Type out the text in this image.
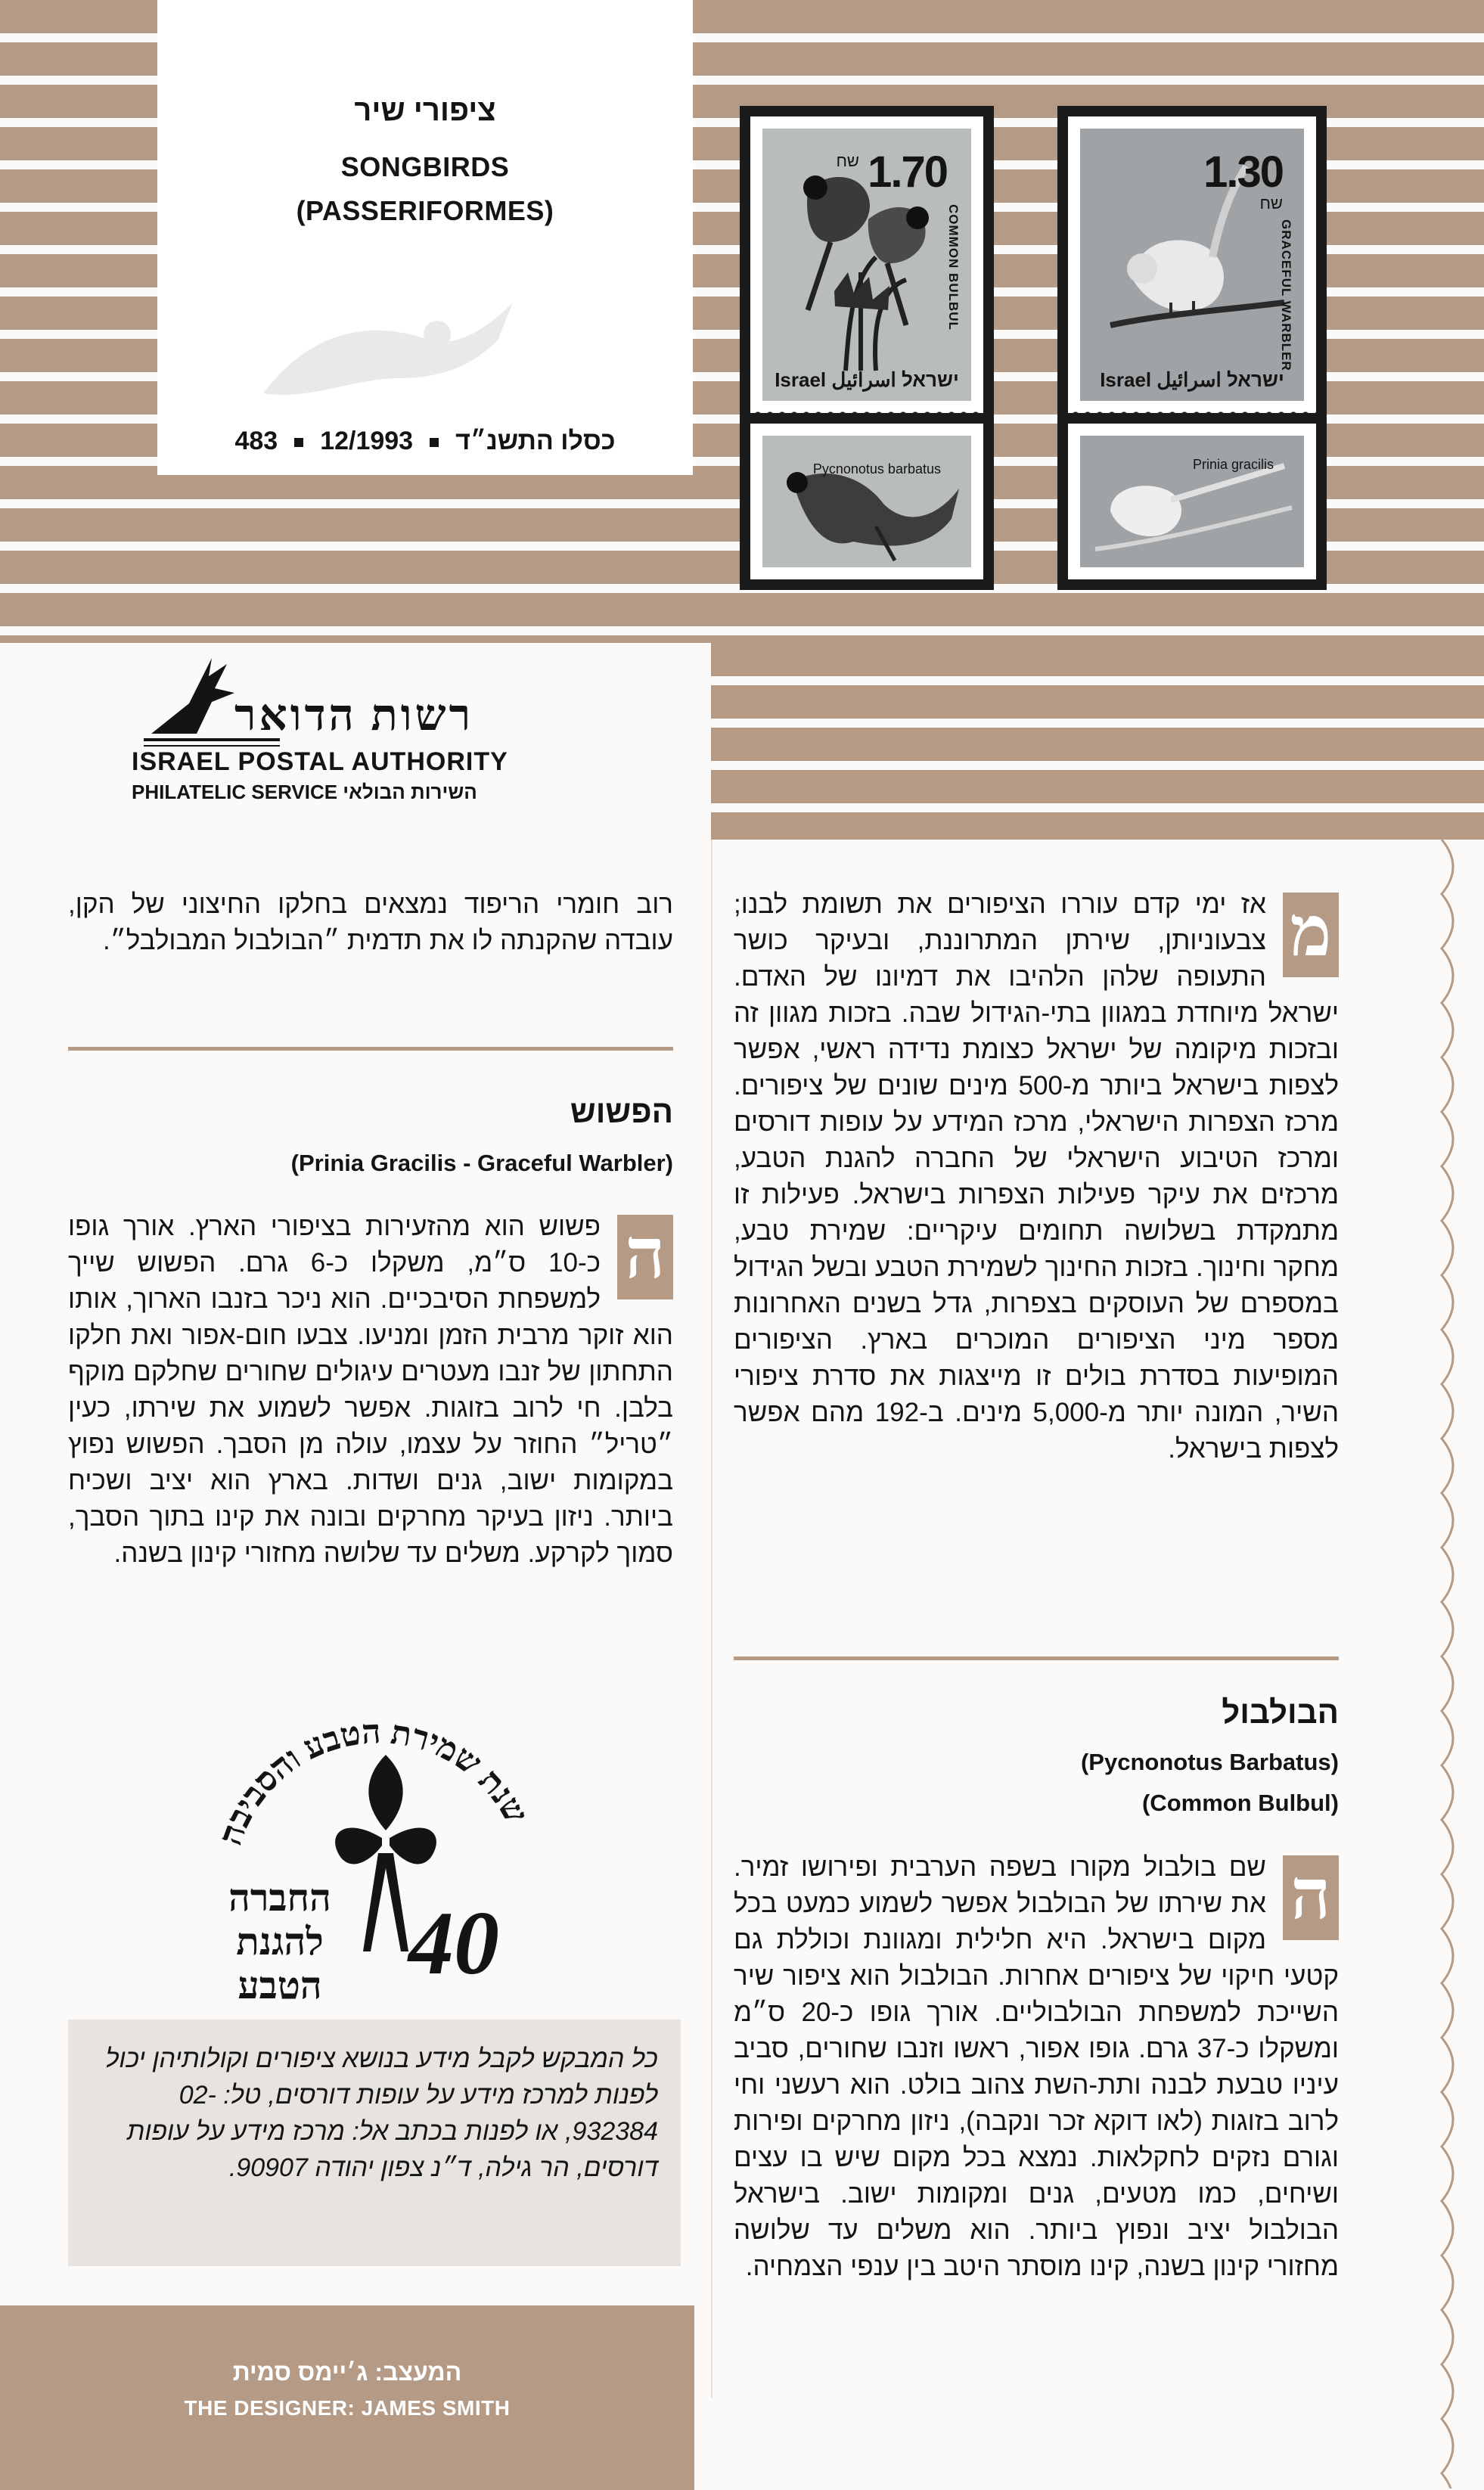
ציפורי שיר
SONGBIRDS
(PASSERIFORMES)
כסלו התשנ״ד12/1993483
1.70
שח
COMMON BULBUL
Israel ישראל اسرائيل
Pycnonotus barbatus
1.30
שח
GRACEFUL WARBLER
Israel ישראל اسرائيل
Prinia gracilis
רשות הדואר
ISRAEL POSTAL AUTHORITY
PHILATELIC SERVICE השירות הבולאי
מ
אז ימי קדם עוררו הציפורים את תשומת לבנו; צבעוניותן, שירתן המתרוננת, ובעיקר כושר התעופה שלהן הלהיבו את דמיונו של האדם. ישראל מיוחדת במגוון בתי-הגידול שבה. בזכות מגוון זה ובזכות מיקומה של ישראל כצומת נדידה ראשי, אפשר לצפות בישראל ביותר מ-500 מינים שונים של ציפורים. מרכז הצפרות הישראלי, מרכז המידע על עופות דורסים ומרכז הטיבוע הישראלי של החברה להגנת הטבע, מרכזים את עיקר פעילות הצפרות בישראל. פעילות זו מתמקדת בשלושה תחומים עיקריים: שמירת טבע, מחקר וחינוך. בזכות החינוך לשמירת הטבע ובשל הגידול במספרם של העוסקים בצפרות, גדל בשנים האחרונות מספר מיני הציפורים המוכרים בארץ. הציפורים המופיעות בסדרת בולים זו מייצגות את סדרת ציפורי השיר, המונה יותר מ-5,000 מינים. ב-192 מהם אפשר לצפות בישראל.
הבולבול
(Pycnonotus Barbatus)
(Common Bulbul)
ה
שם בולבול מקורו בשפה הערבית ופירושו זמיר. את שירתו של הבולבול אפשר לשמוע כמעט בכל מקום בישראל. היא חלילית ומגוונת וכוללת גם קטעי חיקוי של ציפורים אחרות. הבולבול הוא ציפור שיר השייכת למשפחת הבולבוליים. אורך גופו כ-20 ס״מ ומשקלו כ-37 גרם. גופו אפור, ראשו וזנבו שחורים, סביב עיניו טבעת לבנה ותת-השת צהוב בולט. הוא רעשני וחי לרוב בזוגות (לאו דוקא זכר ונקבה), ניזון מחרקים ופירות וגורם נזקים לחקלאות. נמצא בכל מקום שיש בו עצים ושיחים, כמו מטעים, גנים ומקומות ישוב. בישראל הבולבול יציב ונפוץ ביותר. הוא משלים עד שלושה מחזורי קינון בשנה, קינו מוסתר היטב בין ענפי הצמחיה.
רוב חומרי הריפוד נמצאים בחלקו החיצוני של הקן, עובדה שהקנתה לו את תדמית ״הבולבול המבולבל״.
הפשוש
(Prinia Gracilis - Graceful Warbler)
ה
פשוש הוא מהזעירות בציפורי הארץ. אורך גופו כ-10 ס״מ, משקלו כ-6 גרם. הפשוש שייך למשפחת הסיבכיים. הוא ניכר בזנבו הארוך, אותו הוא זוקר מרבית הזמן ומניעו. צבעו חום-אפור ואת חלקו התחתון של זנבו מעטרים עיגולים שחורים שחלקם מוקף בלבן. חי לרוב בזוגות. אפשר לשמוע את שירתו, כעין ״טריל״ החוזר על עצמו, עולה מן הסבך. הפשוש נפוץ במקומות ישוב, גנים ושדות. בארץ הוא יציב ושכיח ביותר. ניזון בעיקר מחרקים ובונה את קינו בתוך הסבך, סמוך לקרקע. משלים עד שלושה מחזורי קינון בשנה.
שנת שמירת הטבע והסביבה
החברה
להגנת
הטבע 40
כל המבקש לקבל מידע בנושא ציפורים וקולותיהן יכול לפנות למרכז מידע על עופות דורסים, טל: 02-932384, או לפנות בכתב אל: מרכז מידע על עופות דורסים, הר גילה, ד״נ צפון יהודה 90907.
המעצב: ג׳יימס סמית
THE DESIGNER: JAMES SMITH
